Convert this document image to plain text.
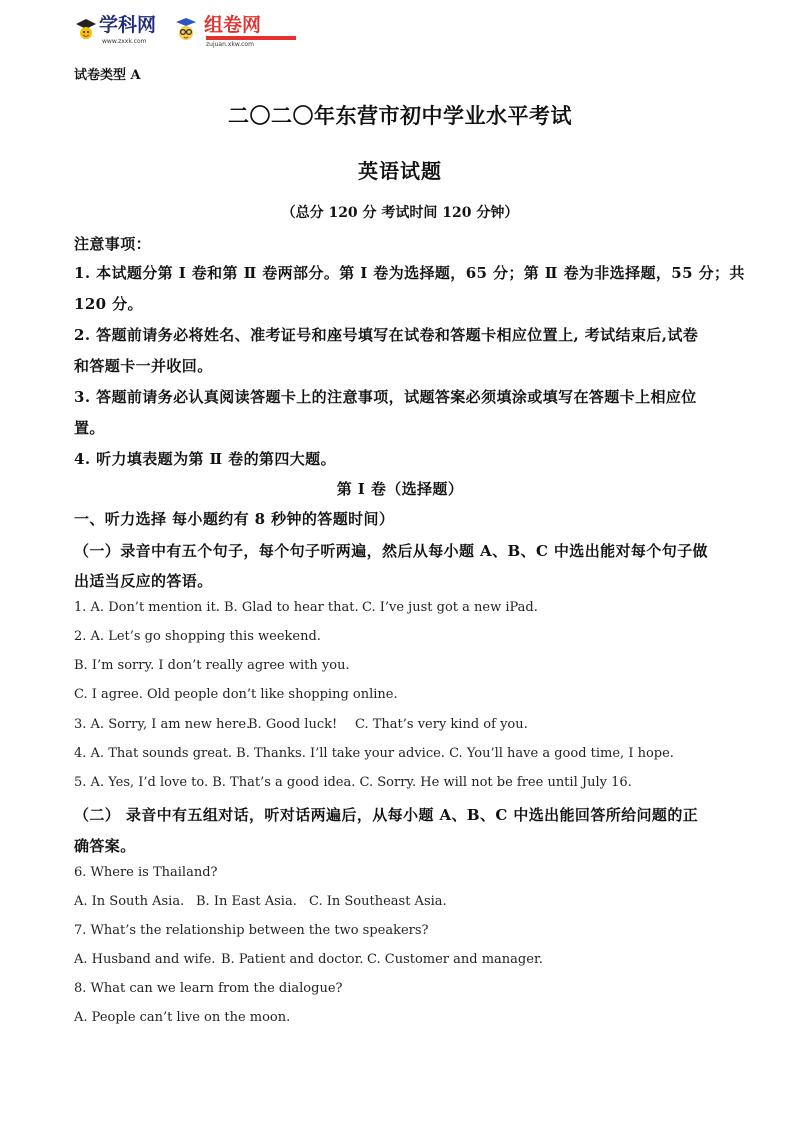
学科网
www.zxxk.com
组卷网
zujuan.xkw.com
试卷类型 A
二〇二〇年东营市初中学业水平考试
英语试题
（总分 120 分 考试时间 120 分钟）
注意事项：
1. 本试题分第 Ⅰ 卷和第 Ⅱ 卷两部分。第 Ⅰ 卷为选择题，65 分；第 Ⅱ 卷为非选择题，55 分；共
120 分。
2. 答题前请务必将姓名、准考证号和座号填写在试卷和答题卡相应位置上, 考试结束后,试卷
和答题卡一并收回。
3. 答题前请务必认真阅读答题卡上的注意事项，试题答案必须填涂或填写在答题卡上相应位
置。
4. 听力填表题为第 Ⅱ 卷的第四大题。
第 Ⅰ 卷（选择题）
一、听力选择 每小题约有 8 秒钟的答题时间）
（一）录音中有五个句子，每个句子听两遍，然后从每小题 A、B、C 中选出能对每个句子做
出适当反应的答语。
1. A. Don’t mention it. B. Glad to hear that. C. I’ve just got a new iPad.
2. A. Let’s go shopping this weekend.
B. I’m sorry. I don’t really agree with you.
C. I agree. Old people don’t like shopping online.
3. A. Sorry, I am new here.B. Good luck! C. That’s very kind of you.
4. A. That sounds great. B. Thanks. I’ll take your advice. C. You’ll have a good time, I hope.
5. A. Yes, I’d love to. B. That’s a good idea. C. Sorry. He will not be free until July 16.
（二） 录音中有五组对话，听对话两遍后，从每小题 A、B、C 中选出能回答所给问题的正
确答案。
6. Where is Thailand?
A. In South Asia. B. In East Asia. C. In Southeast Asia.
7. What’s the relationship between the two speakers?
A. Husband and wife. B. Patient and doctor. C. Customer and manager.
8. What can we learn from the dialogue?
A. People can’t live on the moon.
